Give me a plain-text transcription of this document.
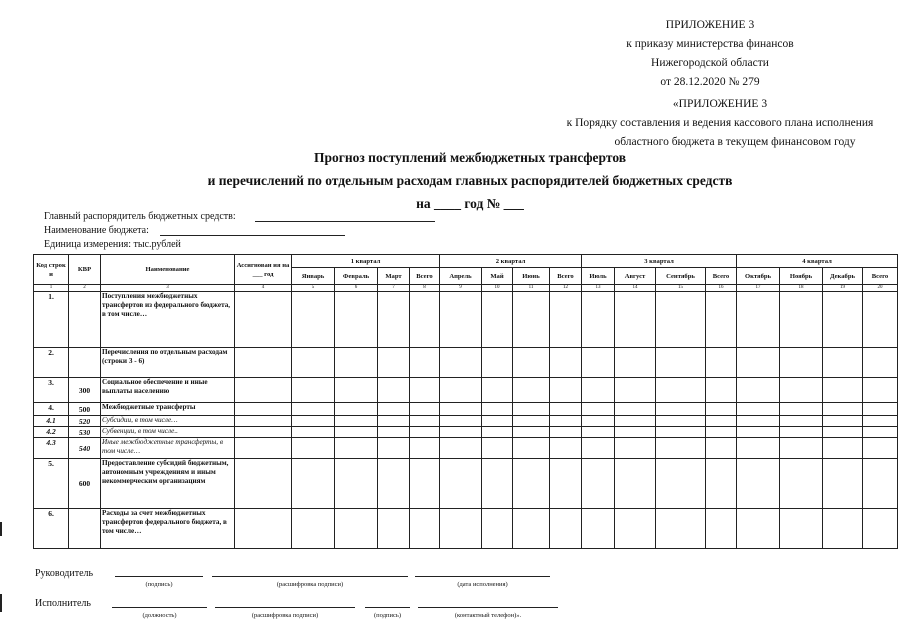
ПРИЛОЖЕНИЕ 3
к приказу министерства финансов
Нижегородской области
от 28.12.2020 № 279
«ПРИЛОЖЕНИЕ 3
к Порядку составления и ведения кассового плана исполнения
областного бюджета в текущем финансовом году
Прогноз поступлений межбюджетных трансфертов
и перечислений по отдельным расходам главных распорядителей бюджетных средств
на ____ год № ___
Главный распорядитель бюджетных средств:
Наименование бюджета:
Единица измерения: тыс.рублей
Код строк и	КВР	Наименование	Ассигнован ия на ___ год	1 квартал				2 квартал				3 квартал				4 квартал			
				Январь	Февраль	Март	Всего	Апрель	Май	Июнь	Всего	Июль	Август	Сентябрь	Всего	Октябрь	Ноябрь	Декабрь	Всего
1	2	3	4	5	6	7	8	9	10	11	12	13	14	15	16	17	18	19	20
1.		Поступления межбюджетных трансфертов из федерального бюджета, в том числе…																	
2.		Перечисления по отдельным расходам (строки 3 - 6)																	
3.	300	Социальное обеспечение и иные выплаты населению																	
4.	500	Межбюджетные трансферты																	
4.1	520	Субсидии, в том числе…																	
4.2	530	Субвенции, в том числе..																	
4.3	540	Иные межбюджетные трансферты, в том числе…																	
5.	600	Предоставление субсидий бюджетным, автономным учреждениям и иным некоммерческим организациям																	
6.		Расходы за счет межбюджетных трансфертов федерального бюджета, в том числе…																	
Руководитель
(подпись)	(расшифровка подписи)	(дата исполнения)
Исполнитель
(должность)	(расшифровка подписи)	(подпись)	(контактный телефон)».
